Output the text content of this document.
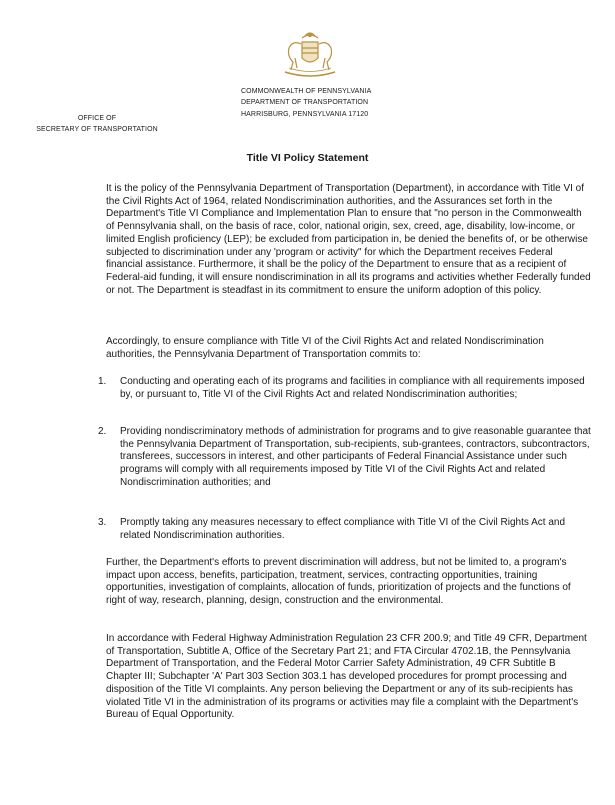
COMMONWEALTH OF PENNSYLVANIA
DEPARTMENT OF TRANSPORTATION
HARRISBURG, PENNSYLVANIA 17120
OFFICE OF
SECRETARY OF TRANSPORTATION
Title VI Policy Statement

It is the policy of the Pennsylvania Department of Transportation (Department), in accordance with Title VI of the Civil Rights Act of 1964, related Nondiscrimination authorities, and the Assurances set forth in the Department's Title VI Compliance and Implementation Plan to ensure that "no person in the Commonwealth of Pennsylvania shall, on the basis of race, color, national origin, sex, creed, age, disability, low-income, or limited English proficiency (LEP); be excluded from participation in, be denied the benefits of, or be otherwise subjected to discrimination under any 'program or activity" for which the Department receives Federal financial assistance. Furthermore, it shall be the policy of the Department to ensure that as a recipient of Federal-aid funding, it will ensure nondiscrimination in all its programs and activities whether Federally funded or not. The Department is steadfast in its commitment to ensure the uniform adoption of this policy.

Accordingly, to ensure compliance with Title VI of the Civil Rights Act and related Nondiscrimination authorities, the Pennsylvania Department of Transportation commits to:

1.	Conducting and operating each of its programs and facilities in compliance with all requirements imposed by, or pursuant to, Title VI of the Civil Rights Act and related Nondiscrimination authorities;
2.	Providing nondiscriminatory methods of administration for programs and to give reasonable guarantee that the Pennsylvania Department of Transportation, sub-recipients, sub-grantees, contractors, subcontractors, transferees, successors in interest, and other participants of Federal Financial Assistance under such programs will comply with all requirements imposed by Title VI of the Civil Rights Act and related Nondiscrimination authorities; and
3.	Promptly taking any measures necessary to effect compliance with Title VI of the Civil Rights Act and related Nondiscrimination authorities.

Further, the Department's efforts to prevent discrimination will address, but not be limited to, a program's impact upon access, benefits, participation, treatment, services, contracting opportunities, training opportunities, investigation of complaints, allocation of funds, prioritization of projects and the functions of right of way, research, planning, design, construction and the environmental.

In accordance with Federal Highway Administration Regulation 23 CFR 200.9; and Title 49 CFR, Department of Transportation, Subtitle A, Office of the Secretary Part 21; and FTA Circular 4702.1B, the Pennsylvania Department of Transportation, and the Federal Motor Carrier Safety Administration, 49 CFR Subtitle B Chapter III; Subchapter 'A' Part 303 Section 303.1 has developed procedures for prompt processing and disposition of the Title VI complaints. Any person believing the Department or any of its sub-recipients has violated Title VI in the administration of its programs or activities may file a complaint with the Department's Bureau of Equal Opportunity.
